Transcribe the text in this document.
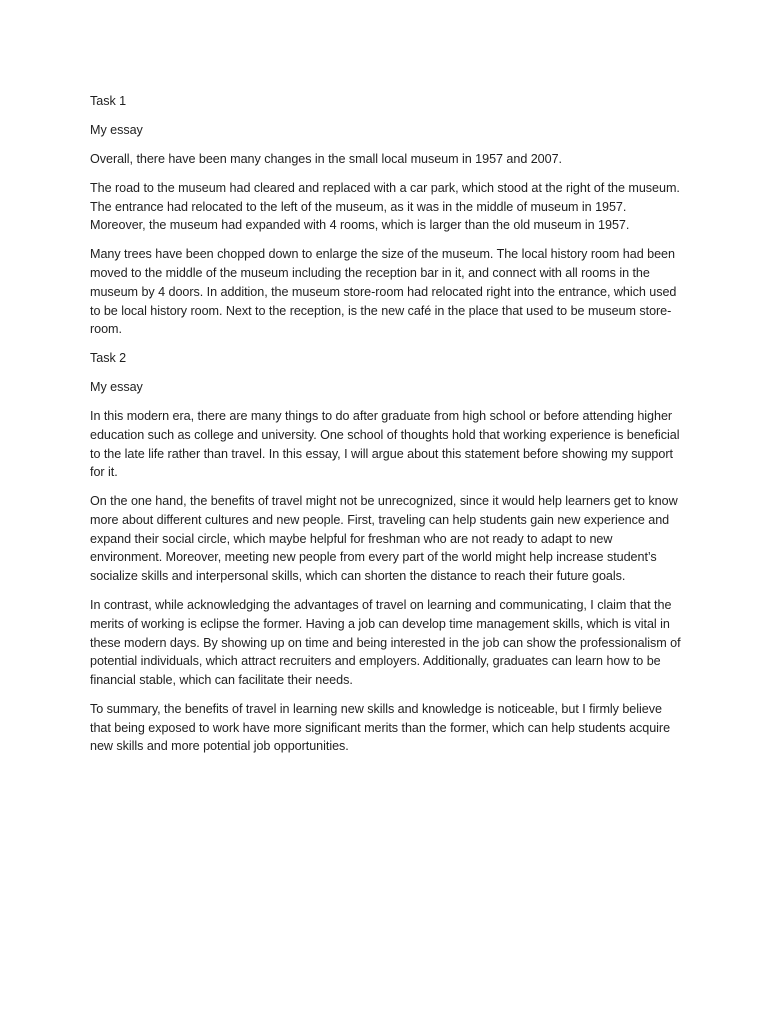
Task 1

My essay

Overall, there have been many changes in the small local museum in 1957 and 2007.

The road to the museum had cleared and replaced with a car park, which stood at the right of the museum. The entrance had relocated to the left of the museum, as it was in the middle of museum in 1957. Moreover, the museum had expanded with 4 rooms, which is larger than the old museum in 1957.

Many trees have been chopped down to enlarge the size of the museum. The local history room had been moved to the middle of the museum including the reception bar in it, and connect with all rooms in the museum by 4 doors. In addition, the museum store-room had relocated right into the entrance, which used to be local history room. Next to the reception, is the new café in the place that used to be museum store-room.

Task 2

My essay

In this modern era, there are many things to do after graduate from high school or before attending higher education such as college and university. One school of thoughts hold that working experience is beneficial to the late life rather than travel. In this essay, I will argue about this statement before showing my support for it.

On the one hand, the benefits of travel might not be unrecognized, since it would help learners get to know more about different cultures and new people. First, traveling can help students gain new experience and expand their social circle, which maybe helpful for freshman who are not ready to adapt to new environment. Moreover, meeting new people from every part of the world might help increase student’s socialize skills and interpersonal skills, which can shorten the distance to reach their future goals.

In contrast, while acknowledging the advantages of travel on learning and communicating, I claim that the merits of working is eclipse the former. Having a job can develop time management skills, which is vital in these modern days. By showing up on time and being interested in the job can show the professionalism of potential individuals, which attract recruiters and employers. Additionally, graduates can learn how to be financial stable, which can facilitate their needs.

To summary, the benefits of travel in learning new skills and knowledge is noticeable, but I firmly believe that being exposed to work have more significant merits than the former, which can help students acquire new skills and more potential job opportunities.
